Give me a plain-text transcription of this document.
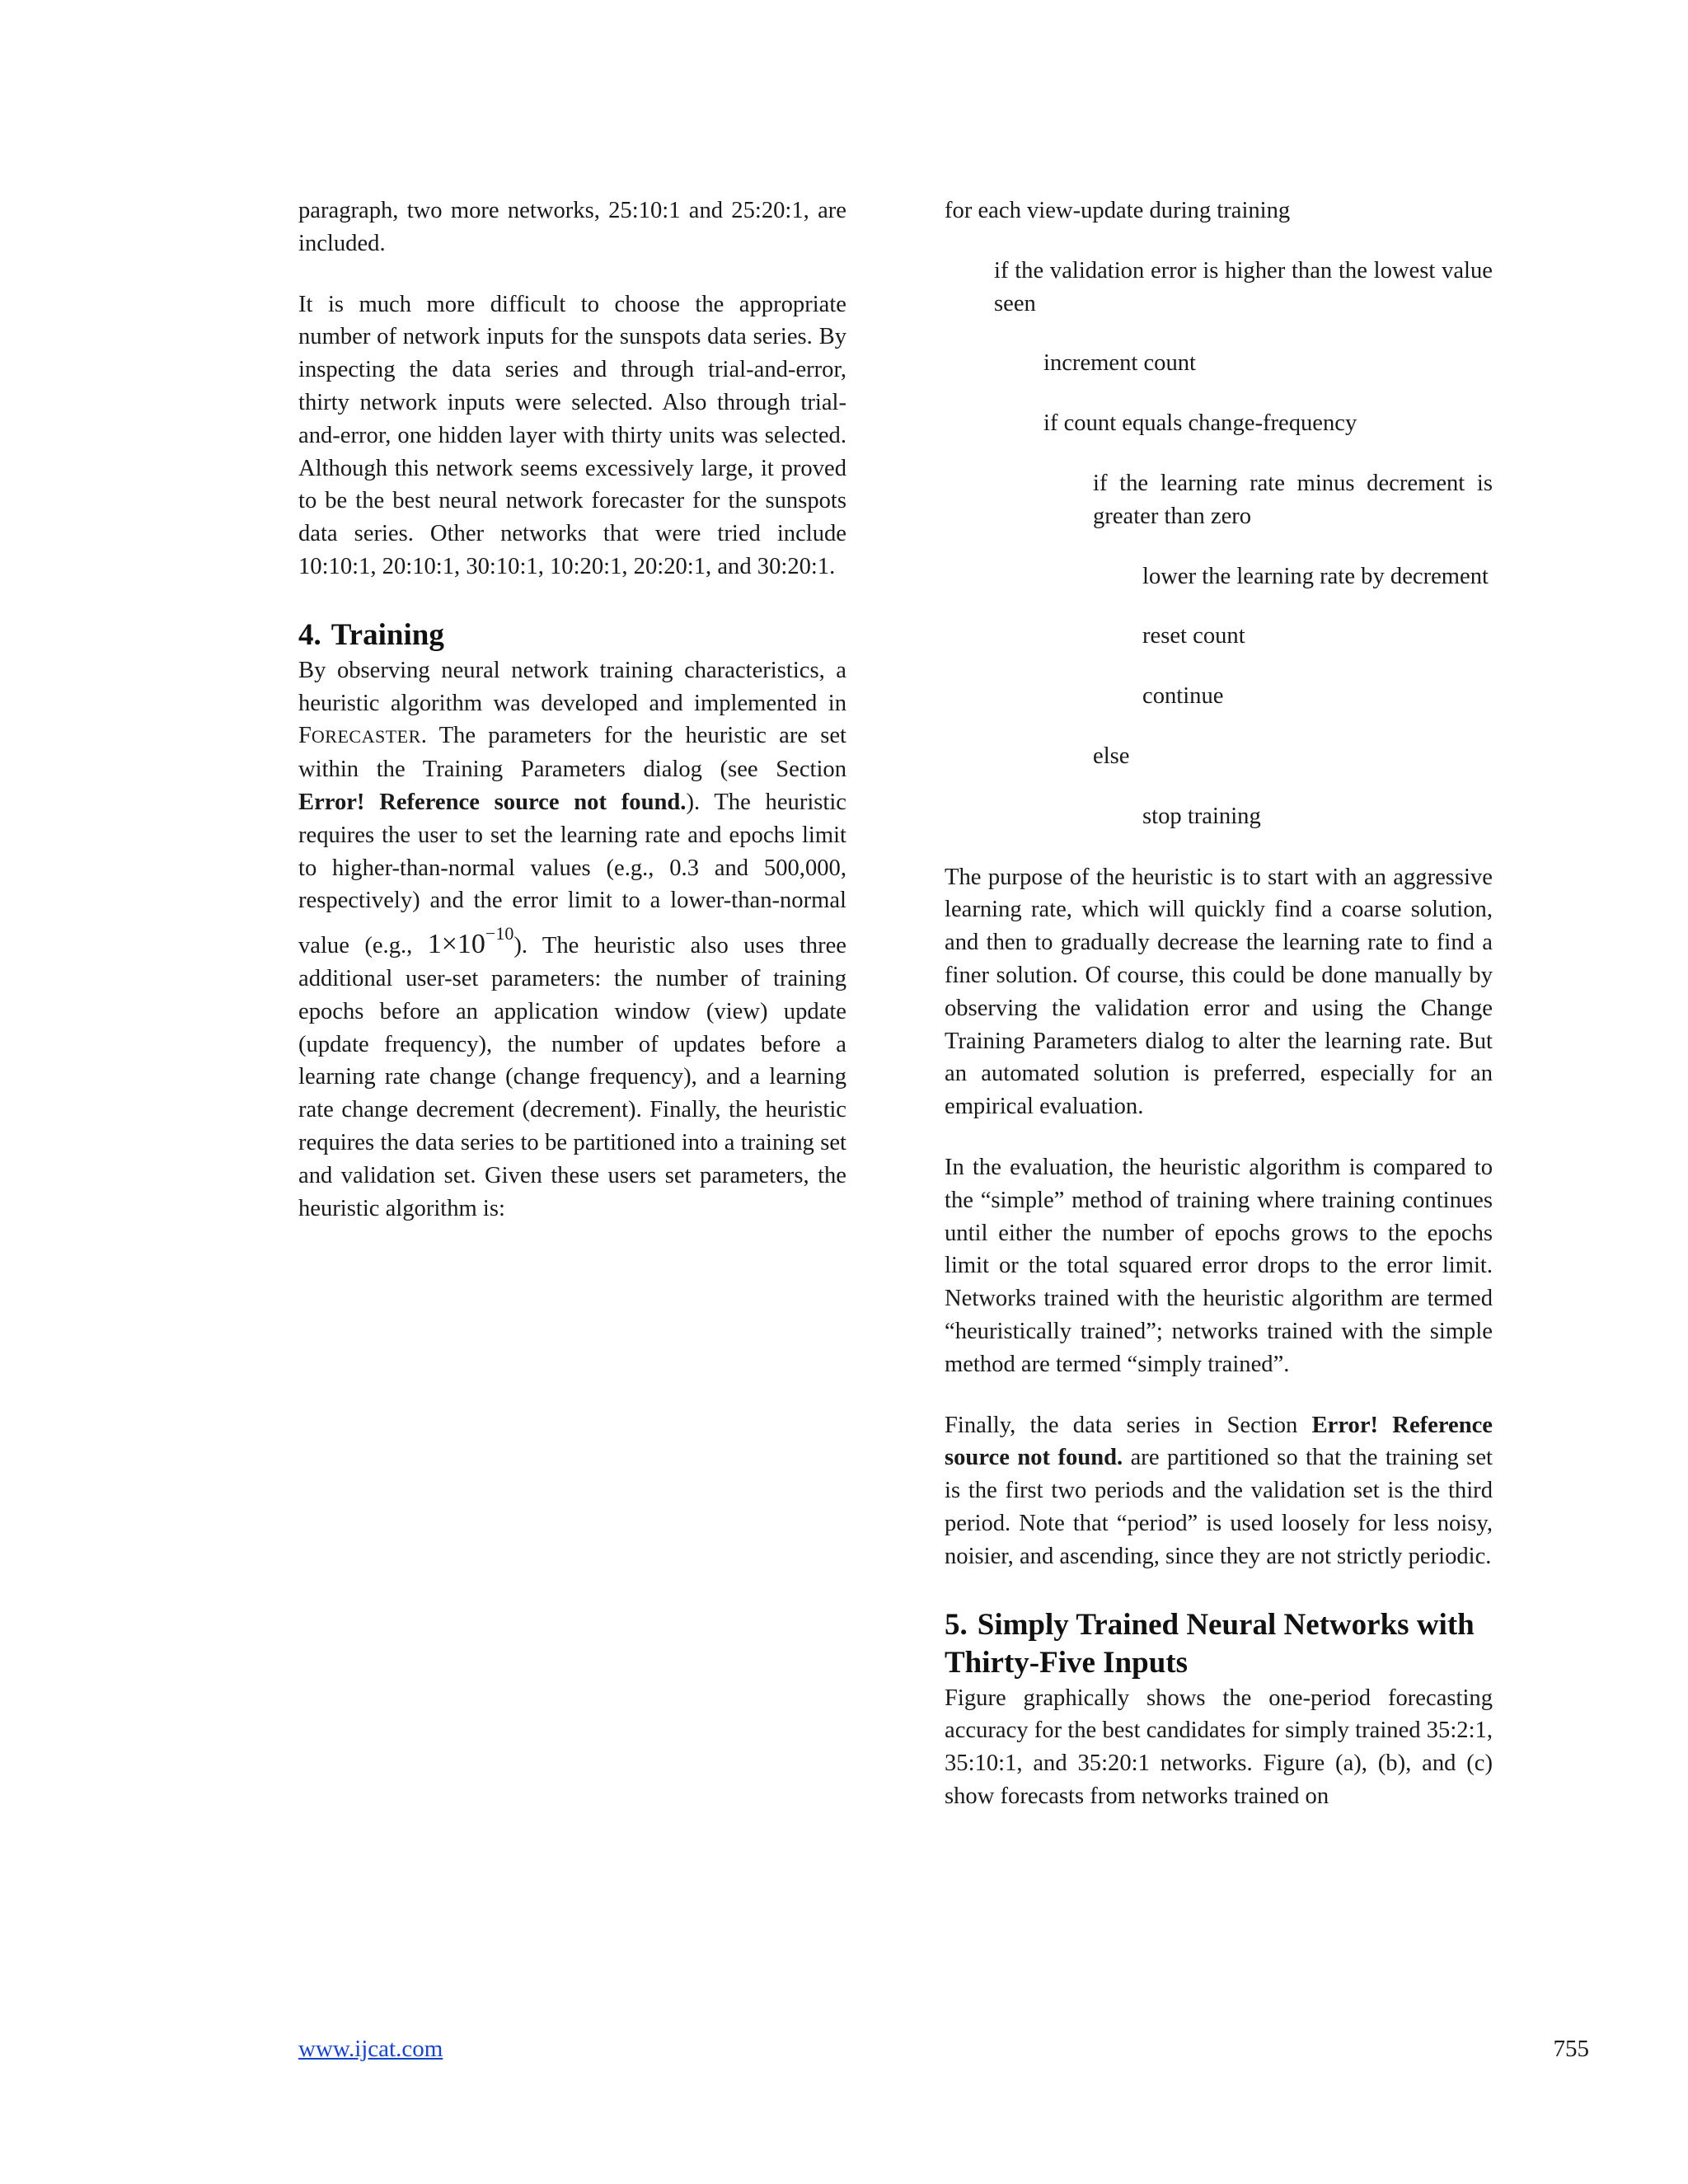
paragraph, two more networks, 25:10:1 and 25:20:1, are included.

It is much more difficult to choose the appropriate number of network inputs for the sunspots data series. By inspecting the data series and through trial-and-error, thirty network inputs were selected. Also through trial-and-error, one hidden layer with thirty units was selected. Although this network seems excessively large, it proved to be the best neural network forecaster for the sunspots data series. Other networks that were tried include 10:10:1, 20:10:1, 30:10:1, 10:20:1, 20:20:1, and 30:20:1.

4. Training

By observing neural network training characteristics, a heuristic algorithm was developed and implemented in FORECASTER. The parameters for the heuristic are set within the Training Parameters dialog (see Section Error! Reference source not found.). The heuristic requires the user to set the learning rate and epochs limit to higher-than-normal values (e.g., 0.3 and 500,000, respectively) and the error limit to a lower-than-normal value (e.g., $1\times 10^{-10}$). The heuristic also uses three additional user-set parameters: the number of training epochs before an application window (view) update (update frequency), the number of updates before a learning rate change (change frequency), and a learning rate change decrement (decrement). Finally, the heuristic requires the data series to be partitioned into a training set and validation set. Given these users set parameters, the heuristic algorithm is:

for each view-update during training
if the validation error is higher than the lowest value seen
increment count
if count equals change-frequency
if the learning rate minus decrement is greater than zero
lower the learning rate by decrement
reset count
continue
else
stop training

The purpose of the heuristic is to start with an aggressive learning rate, which will quickly find a coarse solution, and then to gradually decrease the learning rate to find a finer solution. Of course, this could be done manually by observing the validation error and using the Change Training Parameters dialog to alter the learning rate. But an automated solution is preferred, especially for an empirical evaluation.

In the evaluation, the heuristic algorithm is compared to the “simple” method of training where training continues until either the number of epochs grows to the epochs limit or the total squared error drops to the error limit. Networks trained with the heuristic algorithm are termed “heuristically trained”; networks trained with the simple method are termed “simply trained”.

Finally, the data series in Section Error! Reference source not found. are partitioned so that the training set is the first two periods and the validation set is the third period. Note that “period” is used loosely for less noisy, noisier, and ascending, since they are not strictly periodic.

5. Simply Trained Neural Networks with Thirty-Five Inputs

Figure graphically shows the one-period forecasting accuracy for the best candidates for simply trained 35:2:1, 35:10:1, and 35:20:1 networks. Figure (a), (b), and (c) show forecasts from networks trained on

www.ijcat.com	755
